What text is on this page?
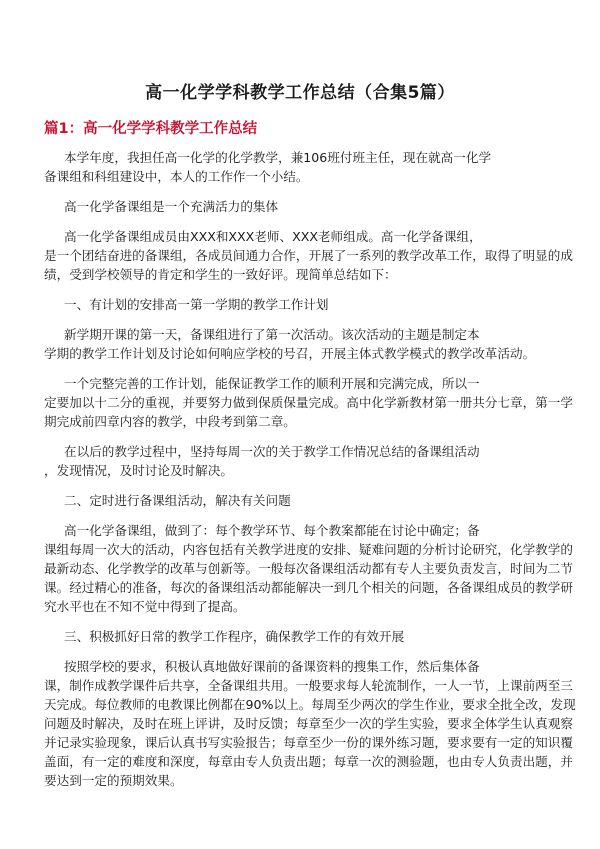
高一化学学科教学工作总结（合集5篇）
篇1：高一化学学科教学工作总结
本学年度，我担任高一化学的化学教学，兼106班付班主任，现在就高一化学
备课组和科组建设中，本人的工作作一个小结。
高一化学备课组是一个充满活力的集体
高一化学备课组成员由XXX和XXX老师、XXX老师组成。高一化学备课组，
是一个团结奋进的备课组，各成员间通力合作，开展了一系列的教学改革工作，取得了明显的成
绩，受到学校领导的肯定和学生的一致好评。现简单总结如下：
一、有计划的安排高一第一学期的教学工作计划
新学期开课的第一天，备课组进行了第一次活动。该次活动的主题是制定本
学期的教学工作计划及讨论如何响应学校的号召，开展主体式教学模式的教学改革活动。
一个完整完善的工作计划，能保证教学工作的顺利开展和完满完成，所以一
定要加以十二分的重视，并要努力做到保质保量完成。高中化学新教材第一册共分七章，第一学
期完成前四章内容的教学，中段考到第二章。
在以后的教学过程中，坚持每周一次的关于教学工作情况总结的备课组活动
，发现情况，及时讨论及时解决。
二、定时进行备课组活动，解决有关问题
高一化学备课组，做到了：每个教学环节、每个教案都能在讨论中确定；备
课组每周一次大的活动，内容包括有关教学进度的安排、疑难问题的分析讨论研究，化学教学的
最新动态、化学教学的改革与创新等。一般每次备课组活动都有专人主要负责发言，时间为二节
课。经过精心的准备，每次的备课组活动都能解决一到几个相关的问题，各备课组成员的教学研
究水平也在不知不觉中得到了提高。
三、积极抓好日常的教学工作程序，确保教学工作的有效开展
按照学校的要求，积极认真地做好课前的备课资料的搜集工作，然后集体备
课，制作成教学课件后共享，全备课组共用。一般要求每人轮流制作，一人一节，上课前两至三
天完成。每位教师的电教课比例都在90%以上。每周至少两次的学生作业，要求全批全改，发现
问题及时解决，及时在班上评讲，及时反馈；每章至少一次的学生实验，要求全体学生认真观察
并记录实验现象，课后认真书写实验报告；每章至少一份的课外练习题，要求要有一定的知识覆
盖面，有一定的难度和深度，每章由专人负责出题；每章一次的测验题，也由专人负责出题，并
要达到一定的预期效果。
